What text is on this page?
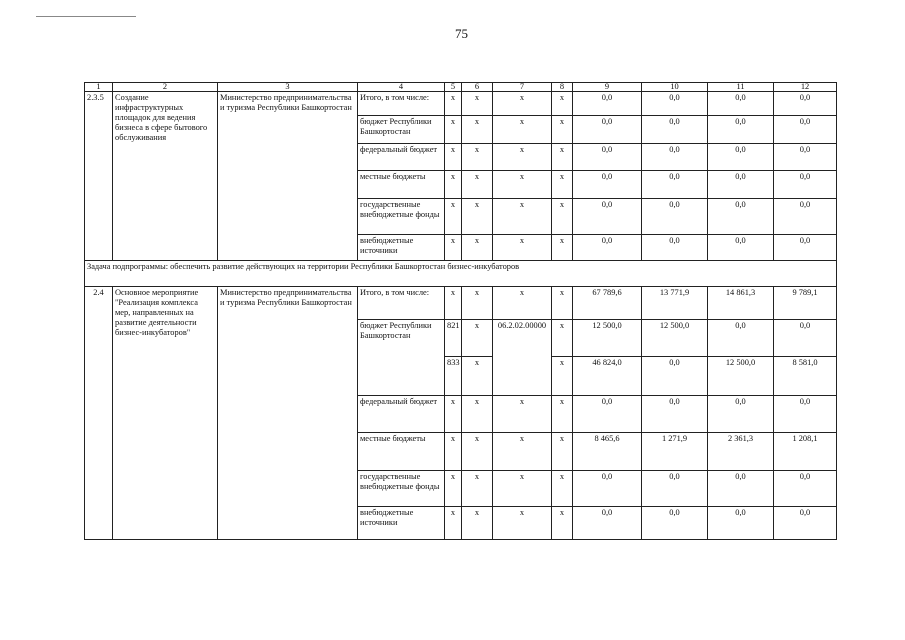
75
1	2	3	4	5	6	7	8	9	10	11	12
2.3.5	Создание инфраструктурных площадок для ведения бизнеса в сфере бытового обслуживания	Министерство предпринимательства и туризма Республики Башкортостан	Итого, в том числе:	x	x	x	x	0,0	0,0	0,0	0,0
			бюджет Республики Башкортостан	x	x	x	x	0,0	0,0	0,0	0,0
			федеральный бюджет	x	x	x	x	0,0	0,0	0,0	0,0
			местные бюджеты	x	x	x	x	0,0	0,0	0,0	0,0
			государственные внебюджетные фонды	x	x	x	x	0,0	0,0	0,0	0,0
			внебюджетные источники	x	x	x	x	0,0	0,0	0,0	0,0
Задача подпрограммы: обеспечить развитие действующих на территории Республики Башкортостан бизнес-инкубаторов											
2.4	Основное мероприятие "Реализация комплекса мер, направленных на развитие деятельности бизнес-инкубаторов"	Министерство предпринимательства и туризма Республики Башкортостан	Итого, в том числе:	x	x	x	x	67 789,6	13 771,9	14 861,3	9 789,1
			бюджет Республики Башкортостан	821	x	06.2.02.00000	x	12 500,0	12 500,0	0,0	0,0
				833	x		x	46 824,0	0,0	12 500,0	8 581,0
			федеральный бюджет	x	x	x	x	0,0	0,0	0,0	0,0
			местные бюджеты	x	x	x	x	8 465,6	1 271,9	2 361,3	1 208,1
			государственные внебюджетные фонды	x	x	x	x	0,0	0,0	0,0	0,0
			внебюджетные источники	x	x	x	x	0,0	0,0	0,0	0,0
